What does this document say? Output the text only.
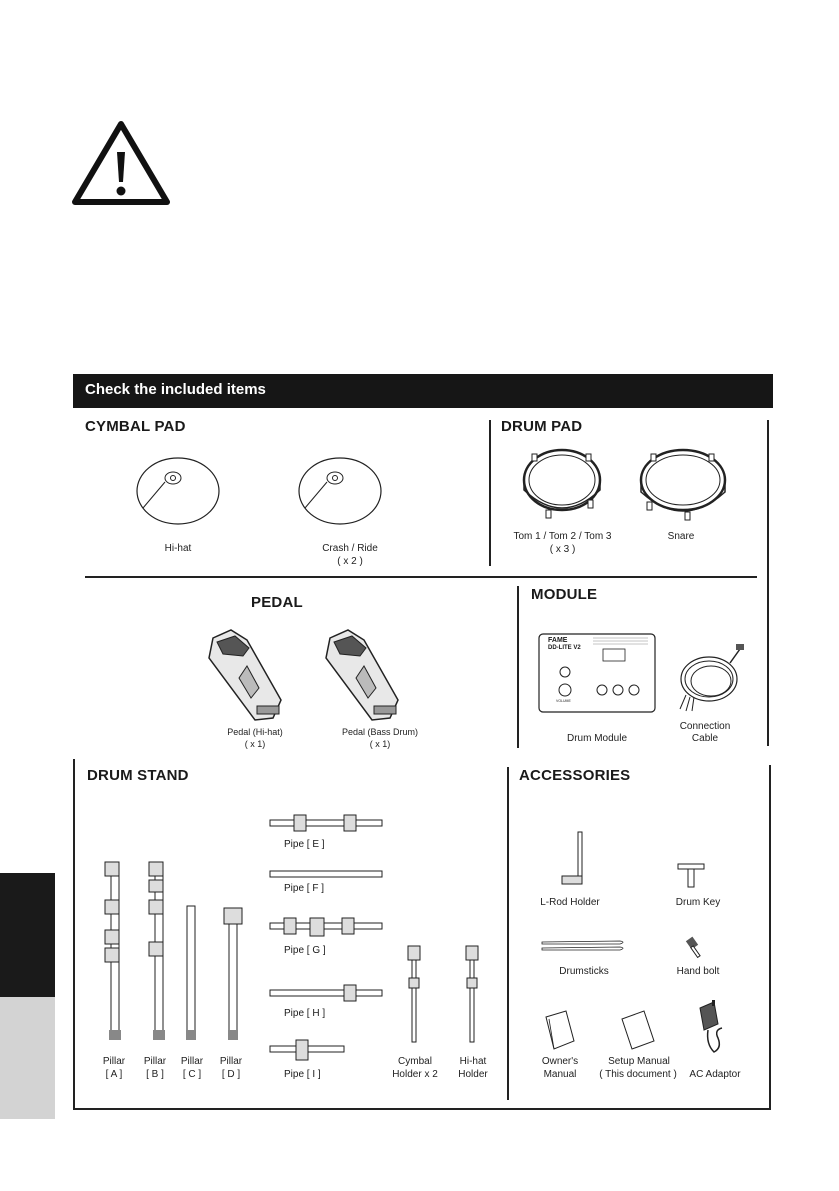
Check the included items
CYMBAL PAD	DRUM PAD
PEDAL	MODULE
DRUM STAND	ACCESSORIES
Hi-hat	Crash / Ride
( x 2 )
Tom 1 / Tom 2 / Tom 3
( x 3 )
Snare
Pedal (Hi-hat)
( x 1)
Pedal (Bass Drum)
( x 1)
FAME
DD-LITE V2
VOLUME
Drum Module
Connection
Cable
Pillar
[ A ]
Pillar
[ B ]
Pillar
[ C ]
Pillar
[ D ]
Pipe [ E ]
Pipe [ F ]
Pipe [ G ]
Pipe [ H ]
Pipe [ I ]
Cymbal
Holder x 2
Hi-hat
Holder
L-Rod Holder	Drum Key
Drumsticks	Hand bolt
Owner's
Manual
Setup Manual
( This document )	AC Adaptor
